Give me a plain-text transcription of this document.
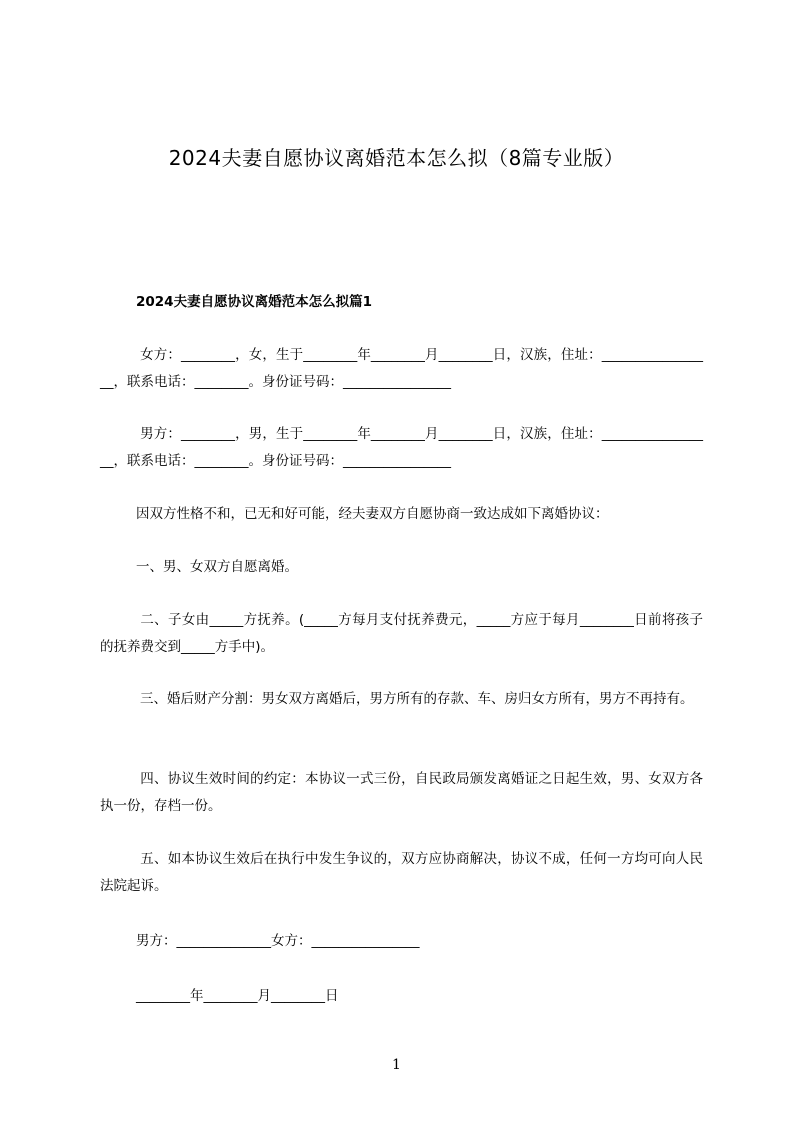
2024夫妻自愿协议离婚范本怎么拟（8篇专业版）
2024夫妻自愿协议离婚范本怎么拟篇1

女方：________，女，生于________年________月________日，汉族，住址：_________________，联系电话：________。身份证号码：________________

男方：________，男，生于________年________月________日，汉族，住址：_________________，联系电话：________。身份证号码：________________

因双方性格不和，已无和好可能，经夫妻双方自愿协商一致达成如下离婚协议：

一、男、女双方自愿离婚。

二、子女由_____方抚养。(_____方每月支付抚养费元，_____方应于每月________日前将孩子的抚养费交到_____方手中)。

三、婚后财产分割：男女双方离婚后，男方所有的存款、车、房归女方所有，男方不再持有。

四、协议生效时间的约定：本协议一式三份，自民政局颁发离婚证之日起生效，男、女双方各执一份，存档一份。

五、如本协议生效后在执行中发生争议的，双方应协商解决，协议不成，任何一方均可向人民法院起诉。

男方：______________女方：________________
________年________月________日
1
